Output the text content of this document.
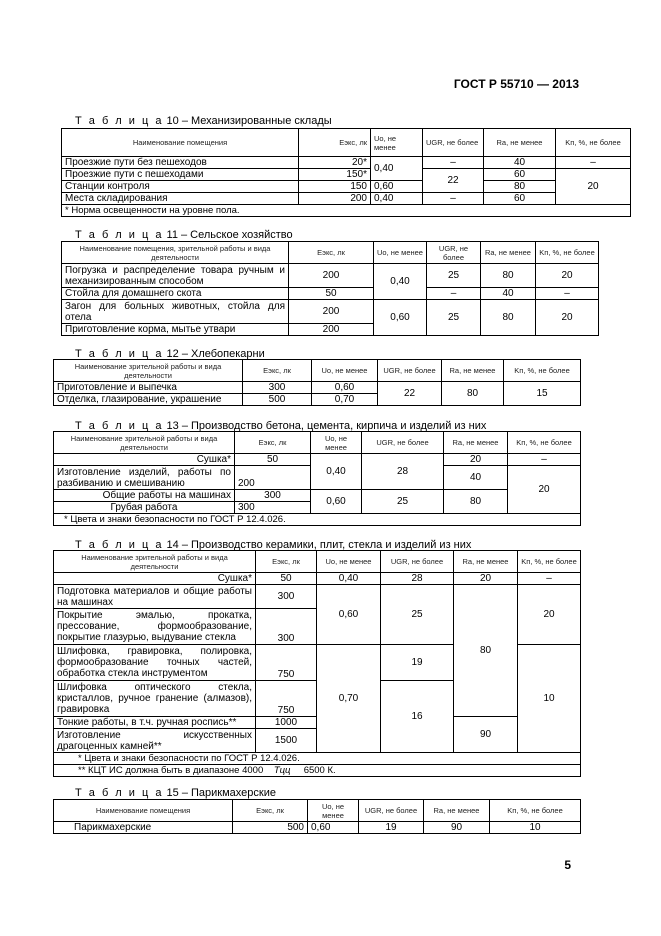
ГОСТ Р 55710 — 2013
Т а б л и ц а 10 – Механизированные склады
Наименование помещения	Eэкс, лк	Uо, не менее	UGR, не более	Ra, не менее	Kп, %, не более
Проезжие пути без пешеходов	20*	0,40	–	40	–
Проезжие пути с пешеходами	150*		22	60	20
Станции контроля	150	0,60		80	
Места складирования	200	0,40	–	60	
* Норма освещенности на уровне пола.					
Т а б л и ц а 11 – Сельское хозяйство
Наименование помещения, зрительной работы и вида деятельности	Eэкс, лк	Uо, не менее	UGR, не более	Ra, не менее	Kп, %, не более
Погрузка и распределение товара ручным и механизированным способом	200	0,40	25	80	20
Стойла для домашнего скота	50		–	40	–
Загон для больных животных, стойла для отела	200	0,60	25	80	20
Приготовление корма, мытье утвари	200				
Т а б л и ц а 12 – Хлебопекарни
Наименование зрительной работы и вида деятельности	Eэкс, лк	Uо, не менее	UGR, не более	Ra, не менее	Kп, %, не более
Приготовление и выпечка	300	0,60	22	80	15
Отделка, глазирование, украшение	500	0,70			
Т а б л и ц а 13 – Производство бетона, цемента, кирпича и изделий из них
Наименование зрительной работы и вида деятельности	Eэкс, лк	Uо, не менее	UGR, не более	Ra, не менее	Kп, %, не более
Сушка*	50	0,40	28	20	–
Изготовление изделий, работы по разбиванию и смешиванию	200			40	20
Общие работы на машинах	300	0,60	25	80	
Грубая работа	300				
* Цвета и знаки безопасности по ГОСТ Р 12.4.026.					
Т а б л и ц а 14 – Производство керамики, плит, стекла и изделий из них
Наименование зрительной работы и вида деятельности	Eэкс, лк	Uо, не менее	UGR, не более	Ra, не менее	Kп, %, не более
Сушка*	50	0,40	28	20	–
Подготовка материалов и общие работы на машинах	300	0,60	25	80	20
Покрытие эмалью, прокатка, прессование, формообразование, покрытие глазурью, выдувание стекла	300				
Шлифовка, гравировка, полировка, формообразование точных частей, обработка стекла инструментом	750	0,70	19		10
Шлифовка оптического стекла, кристаллов, ручное гранение (алмазов), гравировка	750		16		
Тонкие работы, в т.ч. ручная роспись**	1000			90	
Изготовление искусственных драгоценных камней**	1500				
* Цвета и знаки безопасности по ГОСТ Р 12.4.026.					
** КЦТ ИС должна быть в диапазоне 4000 Tцц 6500 К.					
Т а б л и ц а 15 – Парикмахерские
Наименование помещения	Eэкс, лк	Uо, не менее	UGR, не более	Ra, не менее	Kп, %, не более
Парикмахерские	500	0,60	19	90	10
5
